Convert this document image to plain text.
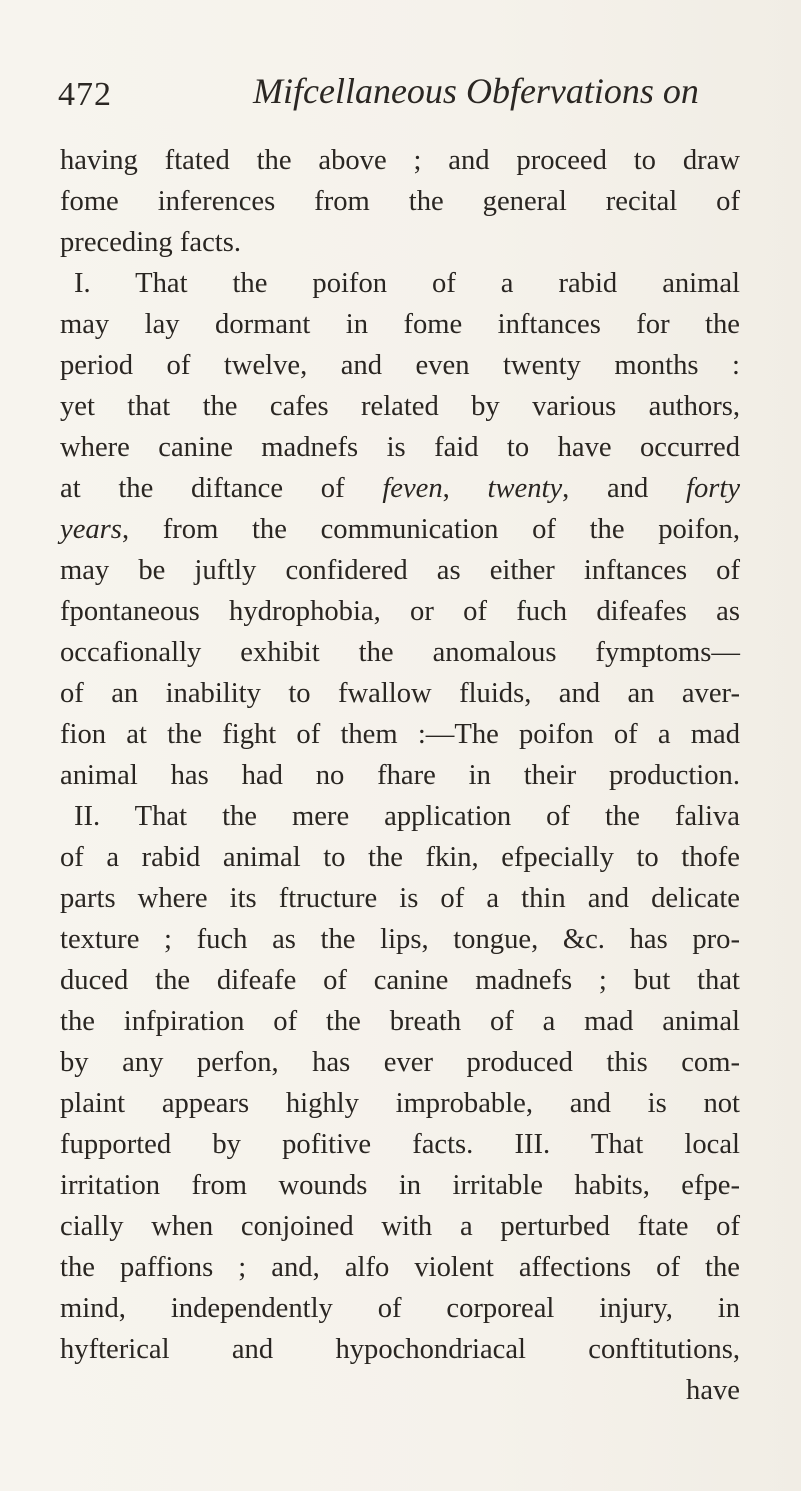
472	Mifcellaneous Obfervations on
having ftated the above ; and proceed to draw
fome inferences from the general recital of
preceding facts.
I. That the poifon of a rabid animal
may lay dormant in fome inftances for the
period of twelve, and even twenty months :
yet that the cafes related by various authors,
where canine madnefs is faid to have occurred
at the diftance of feven, twenty, and forty
years, from the communication of the poifon,
may be juftly confidered as either inftances of
fpontaneous hydrophobia, or of fuch difeafes as
occafionally exhibit the anomalous fymptoms—
of an inability to fwallow fluids, and an aver-
fion at the fight of them :—The poifon of a mad
animal has had no fhare in their production.
II. That the mere application of the faliva
of a rabid animal to the fkin, efpecially to thofe
parts where its ftructure is of a thin and delicate
texture ; fuch as the lips, tongue, &c. has pro-
duced the difeafe of canine madnefs ; but that
the infpiration of the breath of a mad animal
by any perfon, has ever produced this com-
plaint appears highly improbable, and is not
fupported by pofitive facts. III. That local
irritation from wounds in irritable habits, efpe-
cially when conjoined with a perturbed ftate of
the paffions ; and, alfo violent affections of the
mind, independently of corporeal injury, in
hyfterical and hypochondriacal conftitutions,
have
